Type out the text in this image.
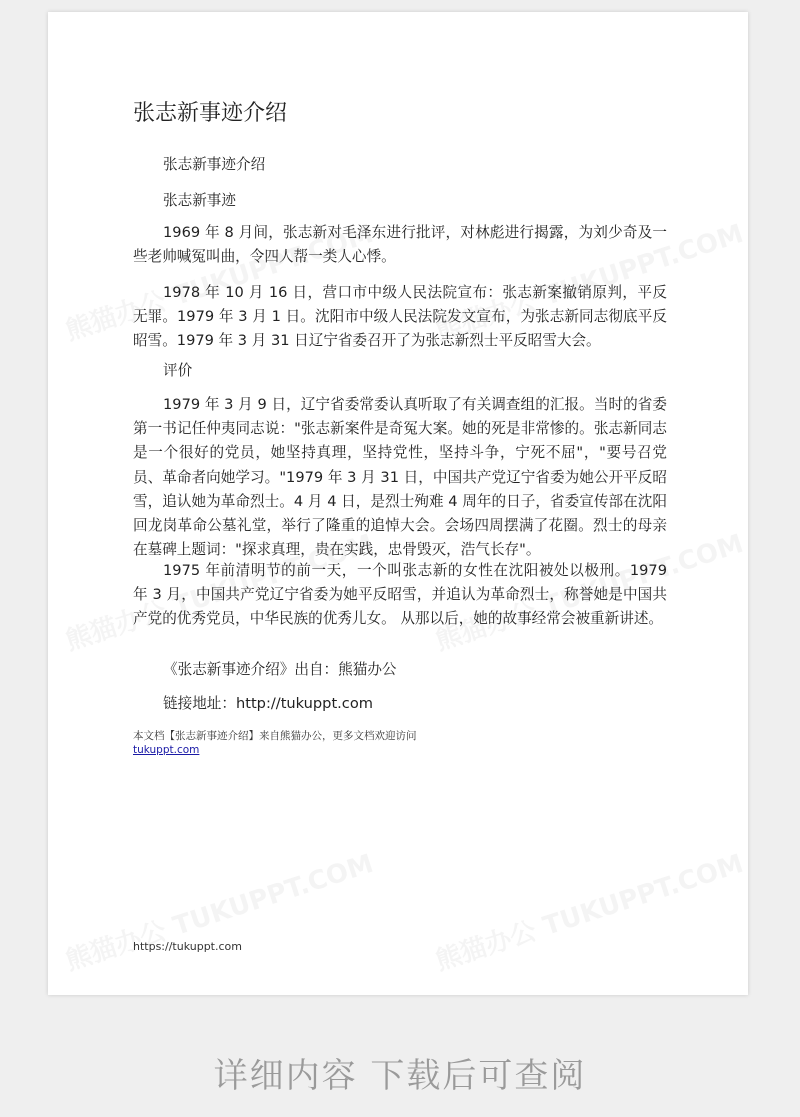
张志新事迹介绍
张志新事迹介绍
张志新事迹
1969 年 8 月间，张志新对毛泽东进行批评，对林彪进行揭露，为刘少奇及一些老帅喊冤叫曲，令四人帮一类人心悸。
1978 年 10 月 16 日，营口市中级人民法院宣布：张志新案撤销原判，平反无罪。1979 年 3 月 1 日。沈阳市中级人民法院发文宣布，为张志新同志彻底平反昭雪。1979 年 3 月 31 日辽宁省委召开了为张志新烈士平反昭雪大会。
评价
1979 年 3 月 9 日，辽宁省委常委认真听取了有关调查组的汇报。当时的省委第一书记任仲夷同志说："张志新案件是奇冤大案。她的死是非常惨的。张志新同志是一个很好的党员，她坚持真理，坚持党性，坚持斗争，宁死不屈"，"要号召党员、革命者向她学习。"1979 年 3 月 31 日，中国共产党辽宁省委为她公开平反昭雪，追认她为革命烈士。4 月 4 日，是烈士殉难 4 周年的日子，省委宣传部在沈阳回龙岗革命公墓礼堂，举行了隆重的追悼大会。会场四周摆满了花圈。烈士的母亲在墓碑上题词："探求真理，贵在实践，忠骨毁灭，浩气长存"。
1975 年前清明节的前一天，一个叫张志新的女性在沈阳被处以极刑。1979 年 3 月，中国共产党辽宁省委为她平反昭雪，并追认为革命烈士，称誉她是中国共产党的优秀党员，中华民族的优秀儿女。 从那以后，她的故事经常会被重新讲述。
《张志新事迹介绍》出自：熊猫办公
链接地址：http://tukuppt.com
本文档【张志新事迹介绍】来自熊猫办公，更多文档欢迎访问
tukuppt.com
https://tukuppt.com
详细内容 下载后可查阅
